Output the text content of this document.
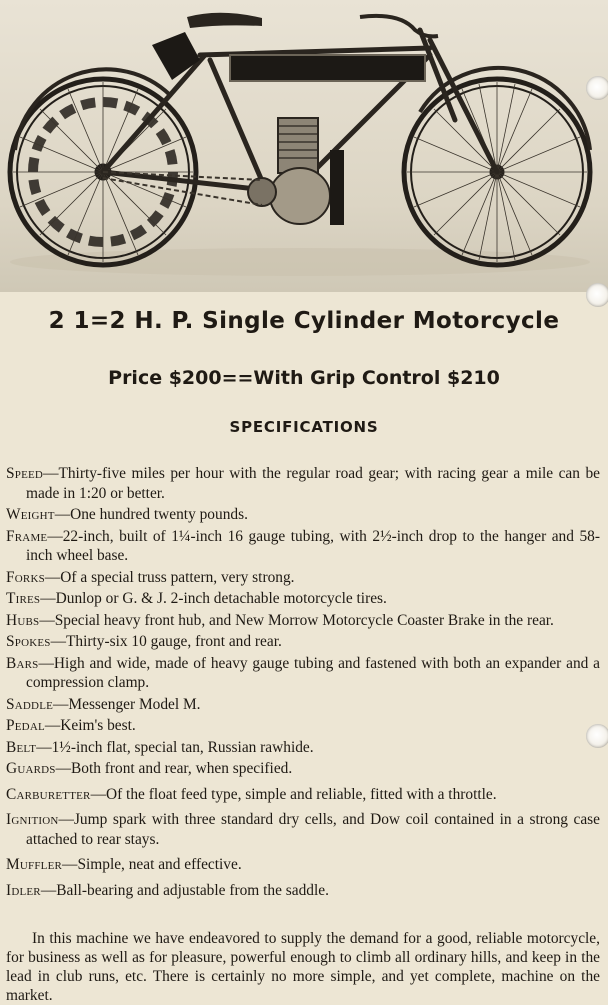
2 1=2 H. P. Single Cylinder Motorcycle
Price $200==With Grip Control $210
SPECIFICATIONS

Speed—Thirty-five miles per hour with the regular road gear; with racing gear a mile can be made in 1:20 or better.

Weight—One hundred twenty pounds.

Frame—22-inch, built of 1¼-inch 16 gauge tubing, with 2½-inch drop to the hanger and 58-inch wheel base.

Forks—Of a special truss pattern, very strong.

Tires—Dunlop or G. & J. 2-inch detachable motorcycle tires.

Hubs—Special heavy front hub, and New Morrow Motorcycle Coaster Brake in the rear.

Spokes—Thirty-six 10 gauge, front and rear.

Bars—High and wide, made of heavy gauge tubing and fastened with both an expander and a compression clamp.

Saddle—Messenger Model M.

Pedal—Keim's best.

Belt—1½-inch flat, special tan, Russian rawhide.

Guards—Both front and rear, when specified.

Carburetter—Of the float feed type, simple and reliable, fitted with a throttle.

Ignition—Jump spark with three standard dry cells, and Dow coil contained in a strong case attached to rear stays.

Muffler—Simple, neat and effective.

Idler—Ball-bearing and adjustable from the saddle.

In this machine we have endeavored to supply the demand for a good, reliable motorcycle, for business as well as for pleasure, powerful enough to climb all ordinary hills, and keep in the lead in club runs, etc. There is certainly no more simple, and yet complete, machine on the market.
